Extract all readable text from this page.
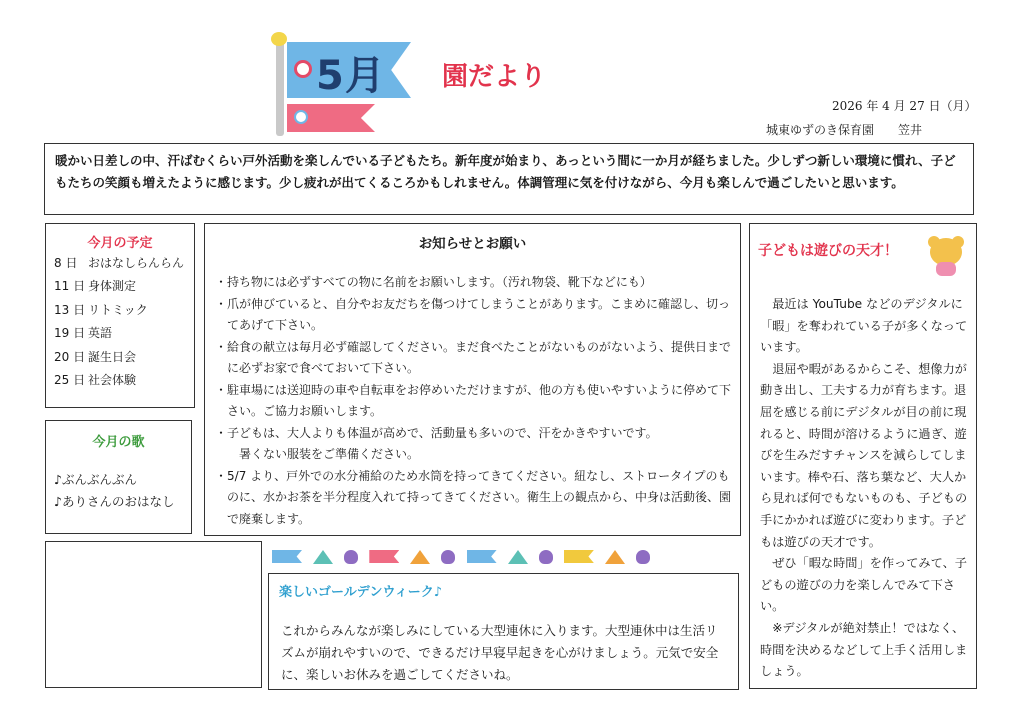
5月 園だより
2026 年 4 月 27 日（月）
城東ゆずのき保育園　　笠井
暖かい日差しの中、汗ばむくらい戸外活動を楽しんでいる子どもたち。新年度が始まり、あっという間に一か月が経ちました。少しずつ新しい環境に慣れ、子どもたちの笑顔も増えたように感じます。少し疲れが出てくるころかもしれません。体調管理に気を付けながら、今月も楽しんで過ごしたいと思います。
今月の予定
8 日 おはなしらんらん
11 日 身体測定
13 日 リトミック
19 日 英語
20 日 誕生日会
25 日 社会体験
今月の歌
♪ぶんぶんぶん
♪ありさんのおはなし
お知らせとお願い
・ 持ち物には必ずすべての物に名前をお願いします。（汚れ物袋、靴下などにも）
・ 爪が伸びていると、自分やお友だちを傷つけてしまうことがあります。こまめに確認し、切ってあげて下さい。
・ 給食の献立は毎月必ず確認してください。まだ食べたことがないものがないよう、提供日までに必ずお家で食べておいて下さい。
・ 駐車場には送迎時の車や自転車をお停めいただけますが、他の方も使いやすいように停めて下さい。ご協力お願いします。
・ 子どもは、大人よりも体温が高めで、活動量も多いので、汗をかきやすいです。
暑くない服装をご準備ください。
・ 5/7 より、戸外での水分補給のため水筒を持ってきてください。紐なし、ストロータイプのものに、水かお茶を半分程度入れて持ってきてください。衛生上の観点から、中身は活動後、園で廃棄します。

楽しいゴールデンウィーク♪

これからみんなが楽しみにしている大型連休に入ります。大型連休中は生活リズムが崩れやすいので、できるだけ早寝早起きを心がけましょう。元気で安全に、楽しいお休みを過ごしてくださいね。

子どもは遊びの天才！

最近は YouTube などのデジタルに「暇」を奪われている子が多くなっています。
退屈や暇があるからこそ、想像力が動き出し、工夫する力が育ちます。退屈を感じる前にデジタルが目の前に現れると、時間が溶けるように過ぎ、遊びを生みだすチャンスを減らしてしまいます。棒や石、落ち葉など、大人から見れば何でもないものも、子どもの手にかかれば遊びに変わります。子どもは遊びの天才です。
ぜひ「暇な時間」を作ってみて、子どもの遊びの力を楽しんでみて下さい。
※デジタルが絶対禁止！ではなく、時間を決めるなどして上手く活用しましょう。
